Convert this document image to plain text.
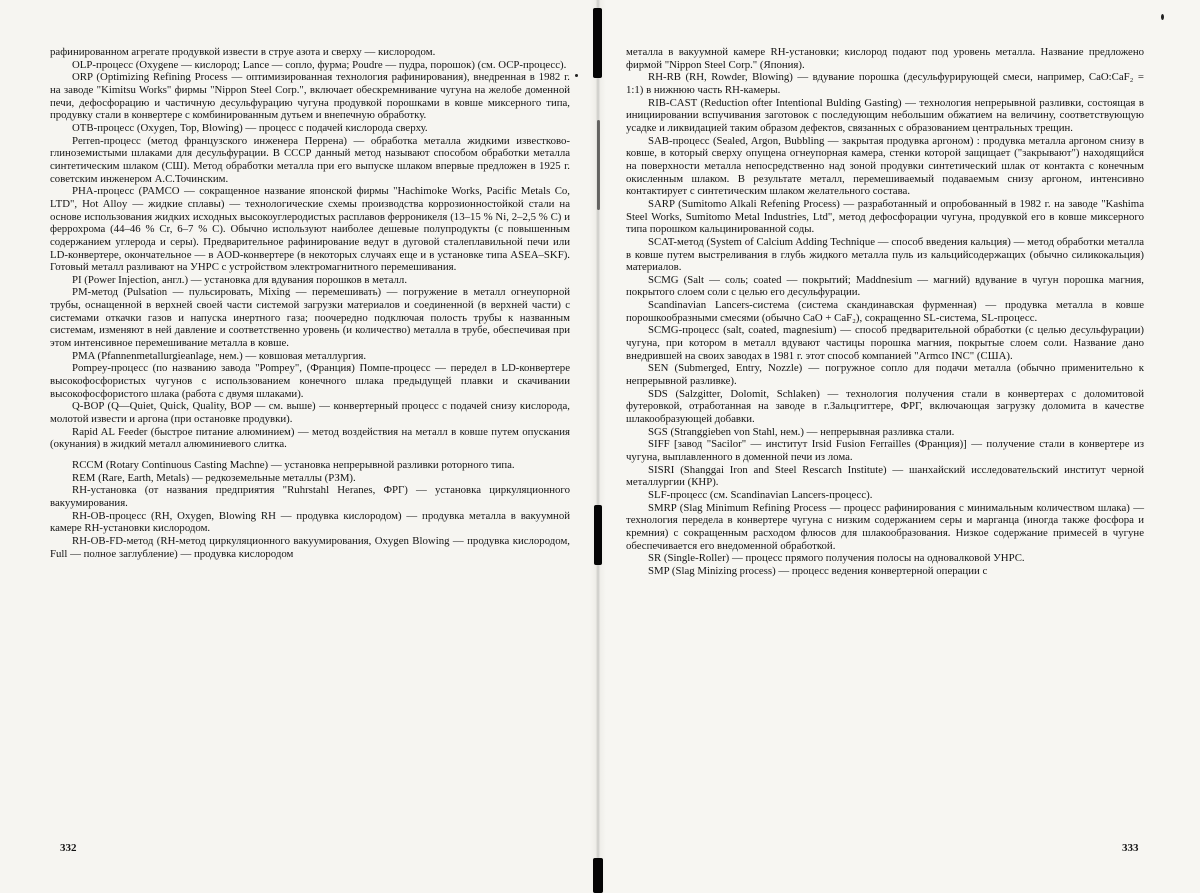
рафинированном агрегате продувкой извести в струе азота и сверху — кислородом.

OLP-процесс (Oxygene — кислород; Lance — сопло, фурма; Poudre — пудра, порошок) (см. ОСР-процесс).

ORP (Optimizing Refining Process — оптимизированная технология рафинирования), внедренная в 1982 г. на заводе "Kimitsu Works" фирмы "Nippon Steel Corp.", включает обескремнивание чугуна на желобе доменной печи, дефосфорацию и частичную десульфурацию чугуна продувкой порошками в ковше миксерного типа, продувку стали в конвертере с комбинированным дутьем и внепечную обработку.

OTB-процесс (Oxygen, Top, Blowing) — процесс с подачей кислорода сверху.

Perren-процесс (метод французского инженера Перрена) — обработка металла жидкими известково-глиноземистыми шлаками для десульфурации. В СССР данный метод называют способом обработки металла синтетическим шлаком (СШ). Метод обработки металла при его выпуске шлаком впервые предложен в 1925 г. советским инженером А.С.Точинским.

PHA-процесс (PAMCO — сокращенное название японской фирмы "Hachimoke Works, Pacific Metals Co, LTD", Hot Alloy — жидкие сплавы) — технологические схемы производства коррозионностойкой стали на основе использования жидких исходных высокоуглеродистых расплавов ферроникеля (13–15 % Ni, 2–2,5 % C) и феррохрома (44–46 % Cr, 6–7 % C). Обычно используют наиболее дешевые полупродукты (с повышенным содержанием углерода и серы). Предварительное рафинирование ведут в дуговой сталеплавильной печи или LD-конвертере, окончательное — в AOD-конвертере (в некоторых случаях еще и в установке типа ASEA–SKF). Готовый металл разливают на УНРС с устройством электромагнитного перемешивания.

PI (Power Injection, англ.) — установка для вдувания порошков в металл.

PM-метод (Pulsation — пульсировать, Mixing — перемешивать) — погружение в металл огнеупорной трубы, оснащенной в верхней своей части системой загрузки материалов и соединенной (в верхней части) с системами откачки газов и напуска инертного газа; поочередно подключая полость трубы к названным системам, изменяют в ней давление и соответственно уровень (и количество) металла в трубе, обеспечивая при этом интенсивное перемешивание металла в ковше.

PMA (Pfannenmetallurgieanlage, нем.) — ковшовая металлургия.

Pompey-процесс (по названию завода "Pompey", (Франция) Помпе-процесс — передел в LD-конвертере высокофосфористых чугунов с использованием конечного шлака предыдущей плавки и скачивании высокофосфористого шлака (работа с двумя шлаками).

Q-BOP (Q—Quiet, Quick, Quality, BOP — см. выше) — конвертерный процесс с подачей снизу кислорода, молотой извести и аргона (при остановке продувки).

Rapid AL Feeder (быстрое питание алюминием) — метод воздействия на металл в ковше путем опускания (окунания) в жидкий металл алюминиевого слитка.

RCCM (Rotary Continuous Casting Machne) — установка непрерывной разливки роторного типа.

REM (Rare, Earth, Metals) — редкоземельные металлы (РЗМ).

RH-установка (от названия предприятия "Ruhrstahl Heranes, ФРГ) — установка циркуляционного вакуумирования.

RH-OB-процесс (RH, Oxygen, Blowing RH — продувка кислородом) — продувка металла в вакуумной камере RH-установки кислородом.

RH-OB-FD-метод (RH-метод циркуляционного вакуумирования, Oxygen Blowing — продувка кислородом, Full — полное заглубление) — продувка кислородом

металла в вакуумной камере RH-установки; кислород подают под уровень металла. Название предложено фирмой "Nippon Steel Corp." (Япония).

RH-RB (RH, Rowder, Blowing) — вдувание порошка (десульфурирующей смеси, например, CaO:CaF₂ = 1:1) в нижнюю часть RH-камеры.

RIB-CAST (Reduction ofter Intentional Bulding Gasting) — технология непрерывной разливки, состоящая в инициировании вспучивания заготовок с последующим небольшим обжатием на величину, соответствующую усадке и ликвидацией таким образом дефектов, связанных с образованием центральных трещин.

SAB-процесс (Sealed, Argon, Bubbling — закрытая продувка аргоном) : продувка металла аргоном снизу в ковше, в который сверху опущена огнеупорная камера, стенки которой защищает ("закрывают") находящийся на поверхности металла непосредственно над зоной продувки синтетический шлак от контакта с конечным окисленным шлаком. В результате металл, перемешиваемый подаваемым снизу аргоном, интенсивно контактирует с синтетическим шлаком желательного состава.

SARP (Sumitomo Alkali Refening Process) — разработанный и опробованный в 1982 г. на заводе "Kashima Steel Works, Sumitomo Metal Industries, Ltd", метод дефосфорации чугуна, продувкой его в ковше миксерного типа порошком кальцинированной соды.

SCAT-метод (System of Calcium Adding Technique — способ введения кальция) — метод обработки металла в ковше путем выстреливания в глубь жидкого металла пуль из кальцийсодержащих (обычно силикокальция) материалов.

SCMG (Salt — соль; coated — покрытий; Maddnesium — магний) вдувание в чугун порошка магния, покрытого слоем соли с целью его десульфурации.

Scandinavian Lancers-система (система скандинавская фурменная) — продувка металла в ковше порошкообразными смесями (обычно CaO + CaF₂), сокращенно SL-система, SL-процесс.

SCMG-процесс (salt, coated, magnesium) — способ предварительной обработки (с целью десульфурации) чугуна, при котором в металл вдувают частицы порошка магния, покрытые слоем соли. Название дано внедрившей на своих заводах в 1981 г. этот способ компанией "Armco INC" (США).

SEN (Submerged, Entry, Nozzle) — погружное сопло для подачи металла (обычно применительно к непрерывной разливке).

SDS (Salzgitter, Dolomit, Schlaken) — технология получения стали в конвертерах с доломитовой футеровкой, отработанная на заводе в г.Зальцгиттере, ФРГ, включающая загрузку доломита в качестве шлакообразующей добавки.

SGS (Stranggieben von Stahl, нем.) — непрерывная разливка стали.

SIFF [завод "Sacilor" — институт Irsid Fusion Ferrailles (Франция)] — получение стали в конвертере из чугуна, выплавленного в доменной печи из лома.

SISRI (Shanggai Iron and Steel Rescarch Institute) — шанхайский исследовательский институт черной металлургии (КНР).

SLF-процесс (см. Scandinavian Lancers-процесс).

SMRP (Slag Minimum Refining Process — процесс рафинирования с минимальным количеством шлака) — технология передела в конвертере чугуна с низким содержанием серы и марганца (иногда также фосфора и кремния) с сокращенным расходом флюсов для шлакообразования. Низкое содержание примесей в чугуне обеспечивается его внедоменной обработкой.

SR (Single-Roller) — процесс прямого получения полосы на одновалковой УНРС.

SMP (Slag Minizing process) — процесс ведения конвертерной операции с

332	333
